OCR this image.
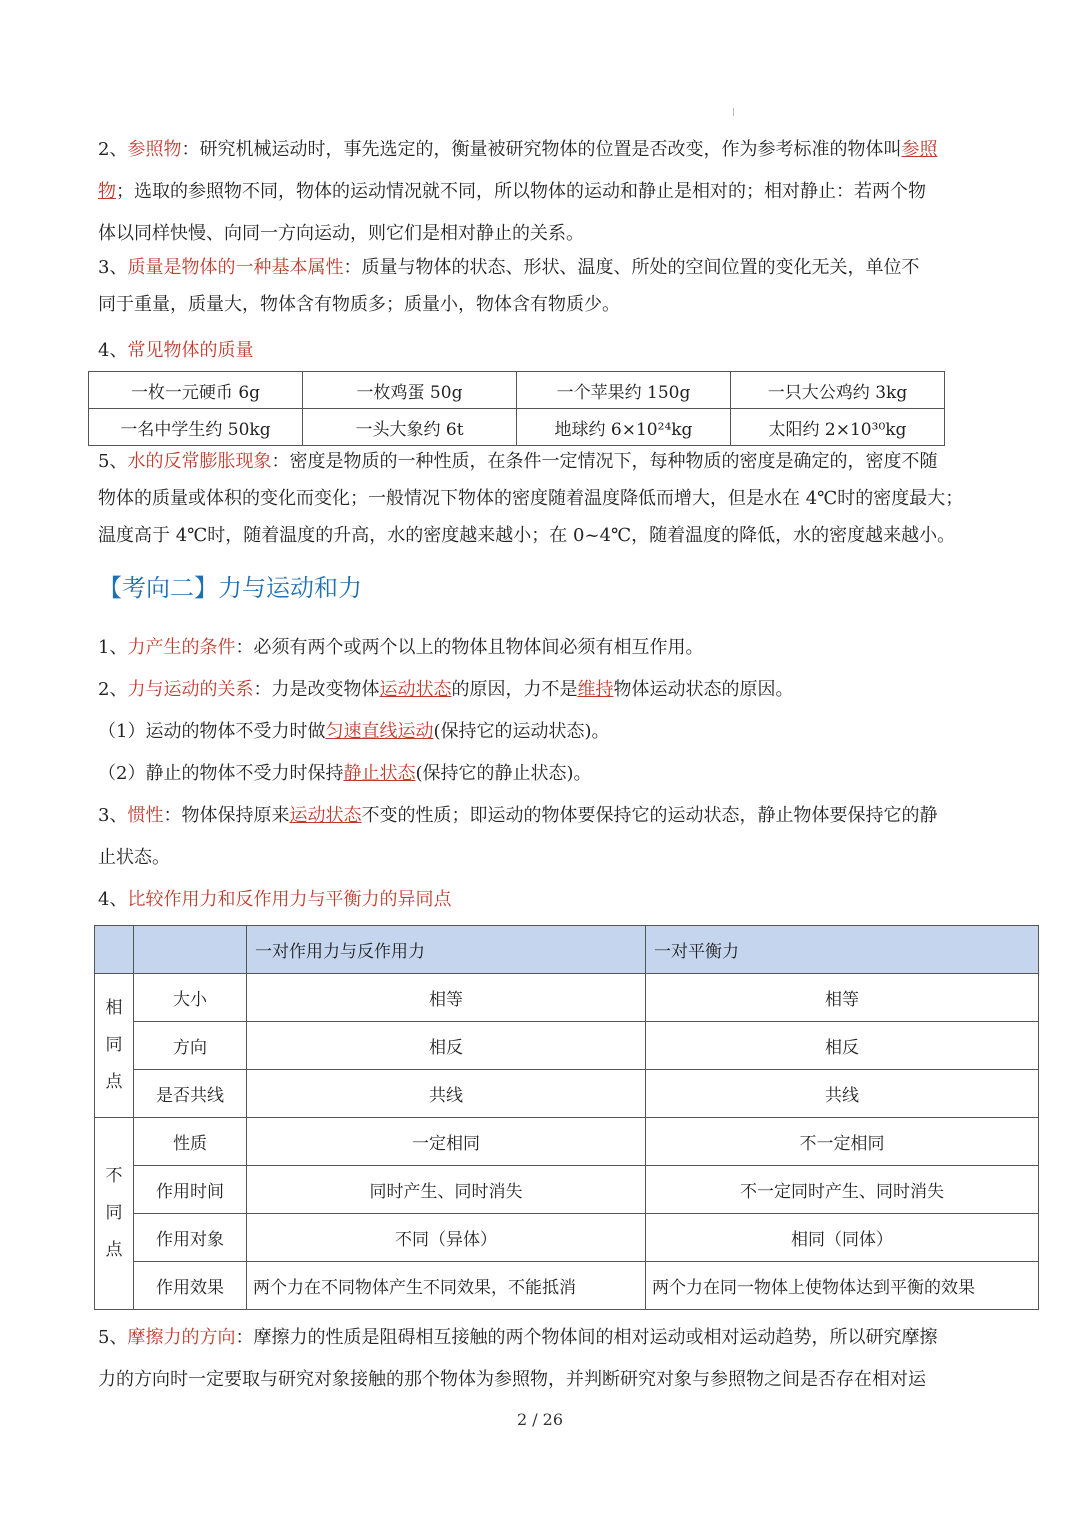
2、参照物：研究机械运动时，事先选定的，衡量被研究物体的位置是否改变，作为参考标准的物体叫参照
物；选取的参照物不同，物体的运动情况就不同，所以物体的运动和静止是相对的；相对静止：若两个物
体以同样快慢、向同一方向运动，则它们是相对静止的关系。
3、质量是物体的一种基本属性：质量与物体的状态、形状、温度、所处的空间位置的变化无关，单位不
同于重量，质量大，物体含有物质多；质量小，物体含有物质少。
4、常见物体的质量
一枚一元硬币 6g	一枚鸡蛋 50g	一个苹果约 150g	一只大公鸡约 3kg
一名中学生约 50kg	一头大象约 6t	地球约 6×10²⁴kg	太阳约 2×10³⁰kg
5、水的反常膨胀现象：密度是物质的一种性质，在条件一定情况下，每种物质的密度是确定的，密度不随
物体的质量或体积的变化而变化；一般情况下物体的密度随着温度降低而增大，但是水在 4℃时的密度最大；
温度高于 4℃时，随着温度的升高，水的密度越来越小；在 0~4℃，随着温度的降低，水的密度越来越小。
【考向二】力与运动和力
1、力产生的条件：必须有两个或两个以上的物体且物体间必须有相互作用。
2、力与运动的关系：力是改变物体运动状态的原因，力不是维持物体运动状态的原因。
（1）运动的物体不受力时做匀速直线运动(保持它的运动状态)。
（2）静止的物体不受力时保持静止状态(保持它的静止状态)。
3、惯性：物体保持原来运动状态不变的性质；即运动的物体要保持它的运动状态，静止物体要保持它的静
止状态。
4、比较作用力和反作用力与平衡力的异同点
		一对作用力与反作用力	一对平衡力

相
同
点	大小	相等	相等
	方向	相反	相反
	是否共线	共线	共线

不
同
点	性质	一定相同	不一定相同
	作用时间	同时产生、同时消失	不一定同时产生、同时消失
	作用对象	不同（异体）	相同（同体）
	作用效果	两个力在不同物体产生不同效果，不能抵消	两个力在同一物体上使物体达到平衡的效果
5、摩擦力的方向：摩擦力的性质是阻碍相互接触的两个物体间的相对运动或相对运动趋势，所以研究摩擦
力的方向时一定要取与研究对象接触的那个物体为参照物，并判断研究对象与参照物之间是否存在相对运
2 / 26
